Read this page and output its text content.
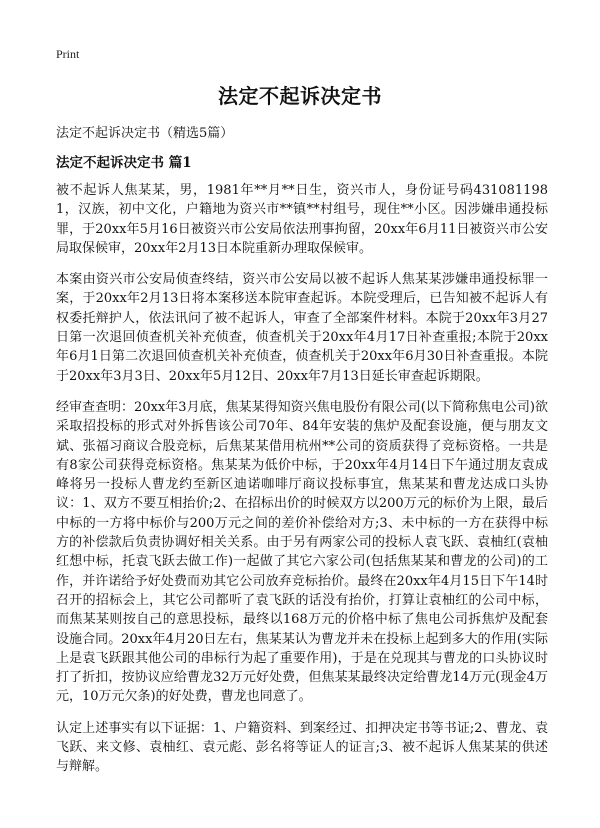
Print
法定不起诉决定书
法定不起诉决定书（精选5篇）
法定不起诉决定书 篇1

被不起诉人焦某某，男，1981年**月**日生，资兴市人，身份证号码4310811981，汉族，初中文化，户籍地为资兴市**镇**村组号，现住**小区。因涉嫌串通投标罪，于20xx年5月16日被资兴市公安局依法刑事拘留，20xx年6月11日被资兴市公安局取保候审，20xx年2月13日本院重新办理取保候审。

本案由资兴市公安局侦查终结，资兴市公安局以被不起诉人焦某某涉嫌串通投标罪一案，于20xx年2月13日将本案移送本院审查起诉。本院受理后，已告知被不起诉人有权委托辩护人，依法讯问了被不起诉人，审查了全部案件材料。本院于20xx年3月27日第一次退回侦查机关补充侦查，侦查机关于20xx年4月17日补查重报;本院于20xx年6月1日第二次退回侦查机关补充侦查，侦查机关于20xx年6月30日补查重报。本院于20xx年3月3日、20xx年5月12日、20xx年7月13日延长审查起诉期限。

经审查查明：20xx年3月底，焦某某得知资兴焦电股份有限公司(以下简称焦电公司)欲采取招投标的形式对外拆售该公司70年、84年安装的焦炉及配套设施，便与朋友文斌、张福习商议合股竞标，后焦某某借用杭州**公司的资质获得了竞标资格。一共是有8家公司获得竞标资格。焦某某为低价中标，于20xx年4月14日下午通过朋友袁成峰将另一投标人曹龙约至新区迪诺咖啡厅商议投标事宜，焦某某和曹龙达成口头协议：1、双方不要互相抬价;2、在招标出价的时候双方以200万元的标价为上限，最后中标的一方将中标价与200万元之间的差价补偿给对方;3、未中标的一方在获得中标方的补偿款后负责协调好相关关系。由于另有两家公司的投标人袁飞跃、袁柚红(袁柚红想中标，托袁飞跃去做工作)一起做了其它六家公司(包括焦某某和曹龙的公司)的工作，并许诺给予好处费而劝其它公司放弃竞标抬价。最终在20xx年4月15日下午14时召开的招标会上，其它公司都听了袁飞跃的话没有抬价，打算让袁柚红的公司中标，而焦某某则按自己的意思投标，最终以168万元的价格中标了焦电公司拆焦炉及配套设施合同。20xx年4月20日左右，焦某某认为曹龙并未在投标上起到多大的作用(实际上是袁飞跃跟其他公司的串标行为起了重要作用)，于是在兑现其与曹龙的口头协议时打了折扣，按协议应给曹龙32万元好处费，但焦某某最终决定给曹龙14万元(现金4万元，10万元欠条)的好处费，曹龙也同意了。

认定上述事实有以下证据：1、户籍资料、到案经过、扣押决定书等书证;2、曹龙、袁飞跃、来文修、袁柚红、袁元彪、彭名将等证人的证言;3、被不起诉人焦某某的供述与辩解。
